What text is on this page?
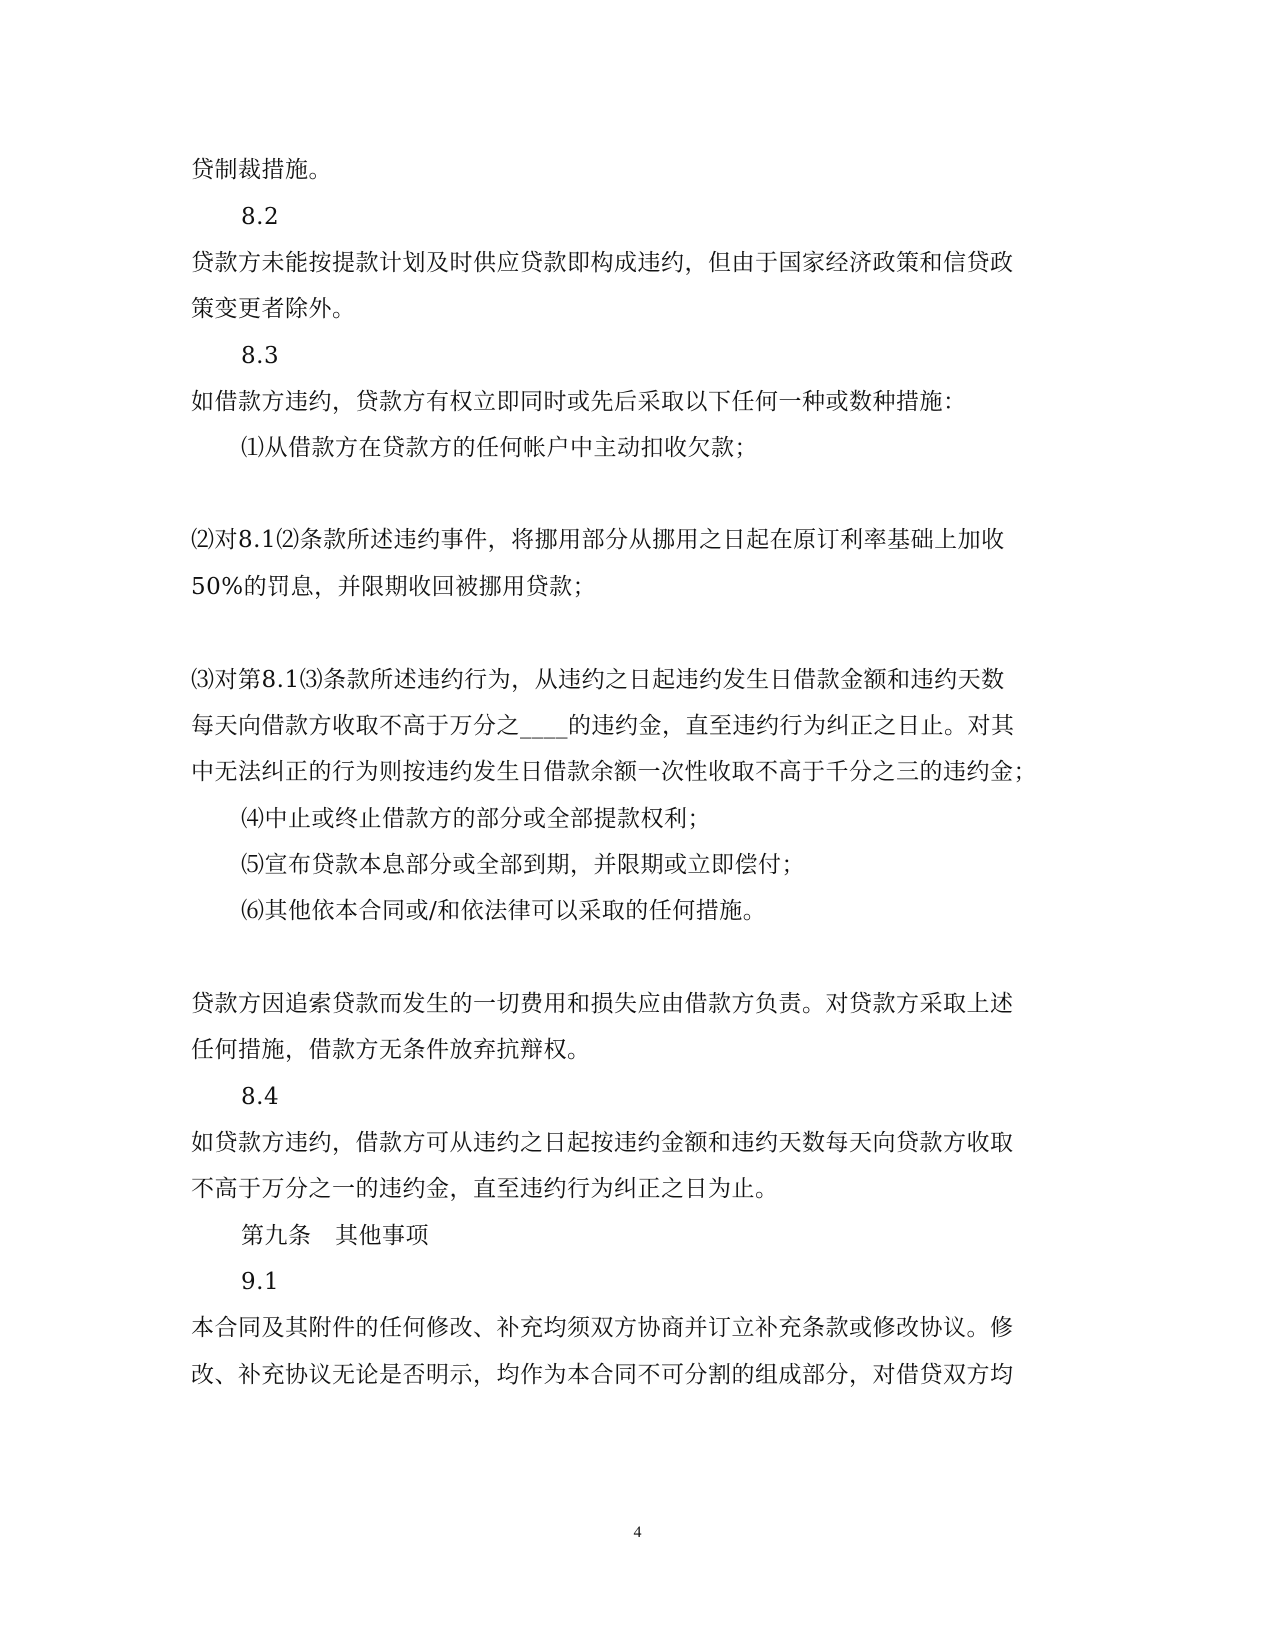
贷制裁措施。
8.2
贷款方未能按提款计划及时供应贷款即构成违约，但由于国家经济政策和信贷政
策变更者除外。
8.3
如借款方违约，贷款方有权立即同时或先后采取以下任何一种或数种措施：
⑴从借款方在贷款方的任何帐户中主动扣收欠款；
⑵对8.1⑵条款所述违约事件，将挪用部分从挪用之日起在原订利率基础上加收
50%的罚息，并限期收回被挪用贷款；
⑶对第8.1⑶条款所述违约行为，从违约之日起违约发生日借款金额和违约天数
每天向借款方收取不高于万分之____的违约金，直至违约行为纠正之日止。对其
中无法纠正的行为则按违约发生日借款余额一次性收取不高于千分之三的违约金；
⑷中止或终止借款方的部分或全部提款权利；
⑸宣布贷款本息部分或全部到期，并限期或立即偿付；
⑹其他依本合同或/和依法律可以采取的任何措施。
贷款方因追索贷款而发生的一切费用和损失应由借款方负责。对贷款方采取上述
任何措施，借款方无条件放弃抗辩权。
8.4
如贷款方违约，借款方可从违约之日起按违约金额和违约天数每天向贷款方收取
不高于万分之一的违约金，直至违约行为纠正之日为止。
第九条　其他事项
9.1
本合同及其附件的任何修改、补充均须双方协商并订立补充条款或修改协议。修
改、补充协议无论是否明示，均作为本合同不可分割的组成部分，对借贷双方均
4
